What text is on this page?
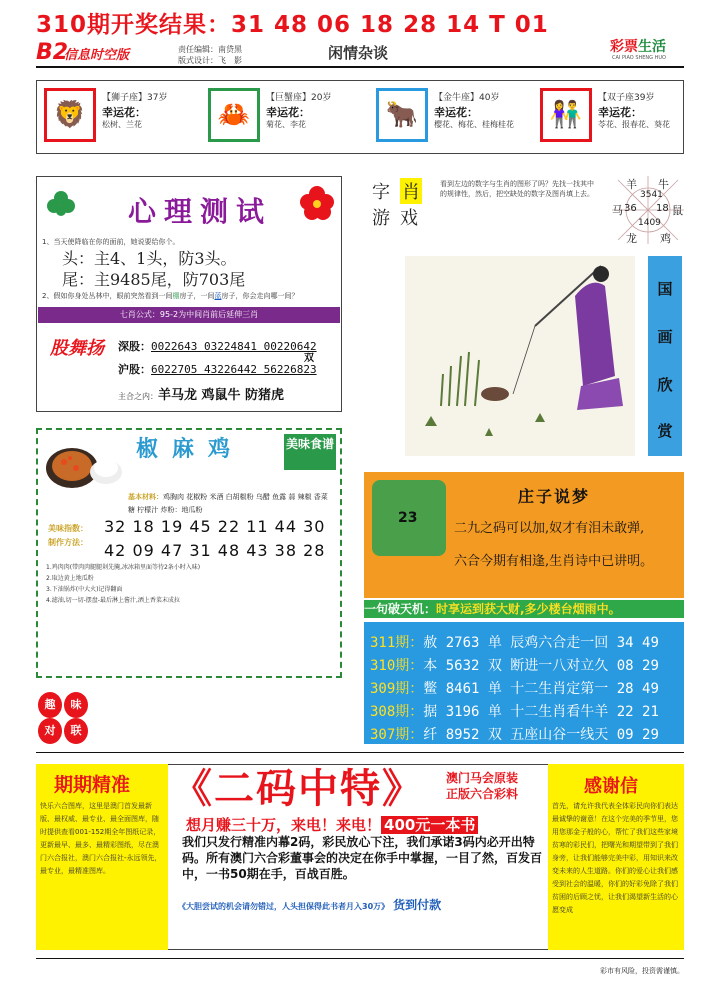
310期开奖结果：31 48 06 18 28 14 T 01
B2
信息时空版	责任编辑：南贷黑
版式设计：飞　影	闲情杂谈	彩票生活
CAI PIAO SHENG HUO
🦁
【狮子座】37岁
幸运花：
松树、兰花	🦀
【巨蟹座】20岁
幸运花：
菊花、李花	🐂
【金牛座】40岁
幸运花：
樱花、梅花、桂梅桂花	👫
【双子座39岁
幸运花：
苓花、报春花、葵花
心理测试
1、当天使降临在你的面前，她说要给你个。
头：主4、1头，防3头。
尾：主9485尾，防703尾
2、假如你身处丛林中，眼前突然看到一间棚房子，一间蓝房子，你会走向哪一间？
七肖公式：95-2为中间肖前后延伸三肖
股舞扬	深股：0022643 03224841 00220642
双
沪股：6022705 43226442 56226823
主合之内：羊马龙 鸡鼠牛 防猪虎
字 肖
游 戏
看到左边的数字与生肖的图形了吗？先找一找其中的规律性，然后，把空缺处的数字及图肖填上去。
羊 牛
3541
马 36 18 鼠
1409
龙 鸡
国
画
欣
赏
椒麻鸡	美味食谱
基本材料：鸡胸肉 花椒粉 米酒 白胡椒粉 乌醋 鱼露 蒜 辣椒 香菜 糖 柠檬汁 炸粉：地瓜粉
美味指数：
制作方法：
32 18 19 45 22 11 44 30
42 09 47 31 48 43 38 28
1.鸡肉肉(带肉肉腿腿剁先腌,冰冰箱里面等待2条小时入味)
2.取边黄上地瓜粉
3.下油锅炸(中大火)记得翻面
4.滤油,切一切-摆盘-最后淋上酱汁,洒上香菜末成拉
趣	味
对	联
23
庄子说梦
二九之码可以加,奴才有泪未敢弹,
六合今期有相逢,生肖诗中已讲明。
一句破天机：时享运到获大财,多少楼台烟雨中。
311期：赦 2763 单 辰鸡六合走一回 34 49
310期：本 5632 双 断进一八对立久 08 29
309期：鳖 8461 单 十二生肖定第一 28 49
308期：据 3196 单 十二生肖看牛羊 22 21
307期：纤 8952 双 五座山谷一线天 09 29
期期精准
快乐六合图库，这里是澳门首发最新版、最权威、最专业、最全面图库，随时提供查看001-152期全年图纸记录，更新最早、最多、最精彩图纸，尽在澳门六合报社，澳门六合报社-永远领先，最专业，最精准图库。
《二码中特》 澳门马会原装
正版六合彩料
想月赚三十万，来电！来电！ 400元一本书
我们只发行精准内幕2码，彩民放心下注，我们承诺3码内必开出特码。所有澳门六合彩董事会的决定在你手中掌握，一目了然，百发百中，一书50期在手，百战百胜。
《大胆尝试的机会请勿错过，人头担保得此书者月入30万》　 货到付款
感谢信
首先，请允许我代表全体彩民向你们表达最诚挚的谢意！在这个完美的季节里，您用您那金子般的心，帮忙了我们这些家境贫寒的彩民们，把曙光和期望带到了我们身旁，让我们能够完美中彩，用知识来改变未来的人生道路。你们的爱心让我们感受到社会的温暖，你们的好彩免除了我们贫困的后顾之忧，让我们渴望新生活的心愿变成
彩市有风险，投资需谨慎。
